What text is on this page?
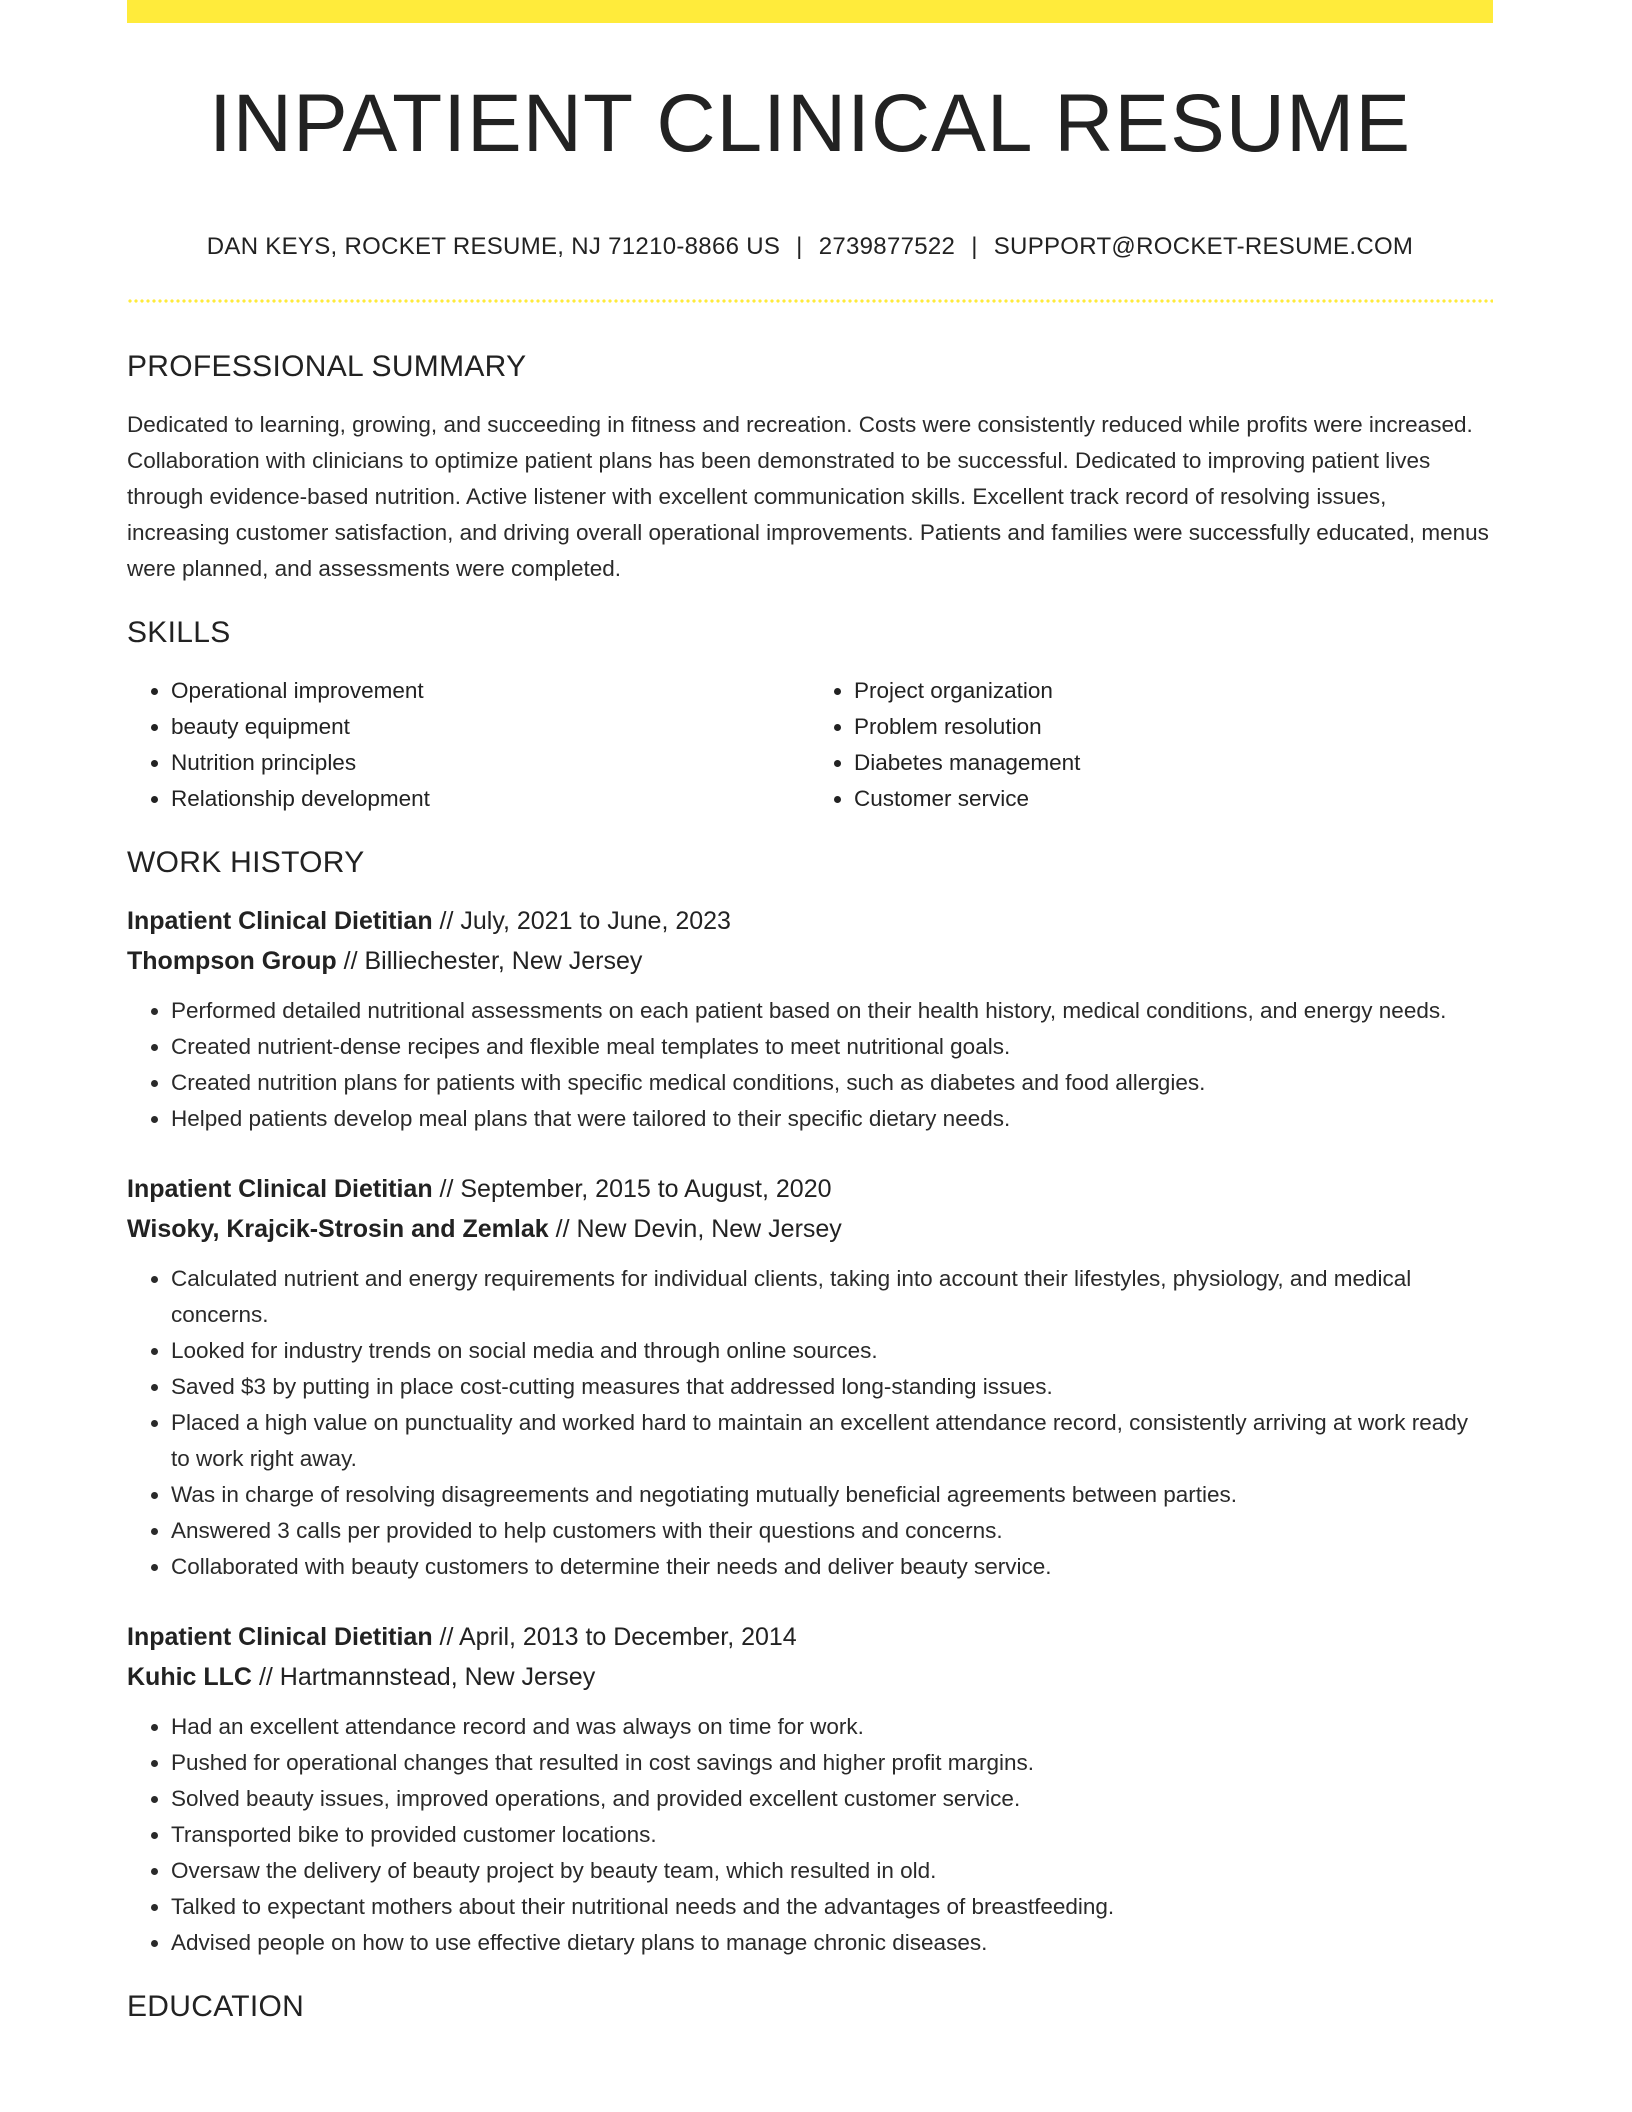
INPATIENT CLINICAL RESUME
DAN KEYS, ROCKET RESUME, NJ 71210-8866 US | 2739877522 | SUPPORT@ROCKET-RESUME.COM
PROFESSIONAL SUMMARY
Dedicated to learning, growing, and succeeding in fitness and recreation. Costs were consistently reduced while profits were increased. Collaboration with clinicians to optimize patient plans has been demonstrated to be successful. Dedicated to improving patient lives through evidence-based nutrition. Active listener with excellent communication skills. Excellent track record of resolving issues, increasing customer satisfaction, and driving overall operational improvements. Patients and families were successfully educated, menus were planned, and assessments were completed.
SKILLS
• Operational improvement
• beauty equipment
• Nutrition principles
• Relationship development
• Project organization
• Problem resolution
• Diabetes management
• Customer service
WORK HISTORY
Inpatient Clinical Dietitian // July, 2021 to June, 2023
Thompson Group // Billiechester, New Jersey
• Performed detailed nutritional assessments on each patient based on their health history, medical conditions, and energy needs.
• Created nutrient-dense recipes and flexible meal templates to meet nutritional goals.
• Created nutrition plans for patients with specific medical conditions, such as diabetes and food allergies.
• Helped patients develop meal plans that were tailored to their specific dietary needs.
Inpatient Clinical Dietitian // September, 2015 to August, 2020
Wisoky, Krajcik-Strosin and Zemlak // New Devin, New Jersey
• Calculated nutrient and energy requirements for individual clients, taking into account their lifestyles, physiology, and medical concerns.
• Looked for industry trends on social media and through online sources.
• Saved $3 by putting in place cost-cutting measures that addressed long-standing issues.
• Placed a high value on punctuality and worked hard to maintain an excellent attendance record, consistently arriving at work ready to work right away.
• Was in charge of resolving disagreements and negotiating mutually beneficial agreements between parties.
• Answered 3 calls per provided to help customers with their questions and concerns.
• Collaborated with beauty customers to determine their needs and deliver beauty service.
Inpatient Clinical Dietitian // April, 2013 to December, 2014
Kuhic LLC // Hartmannstead, New Jersey
• Had an excellent attendance record and was always on time for work.
• Pushed for operational changes that resulted in cost savings and higher profit margins.
• Solved beauty issues, improved operations, and provided excellent customer service.
• Transported bike to provided customer locations.
• Oversaw the delivery of beauty project by beauty team, which resulted in old.
• Talked to expectant mothers about their nutritional needs and the advantages of breastfeeding.
• Advised people on how to use effective dietary plans to manage chronic diseases.
EDUCATION
